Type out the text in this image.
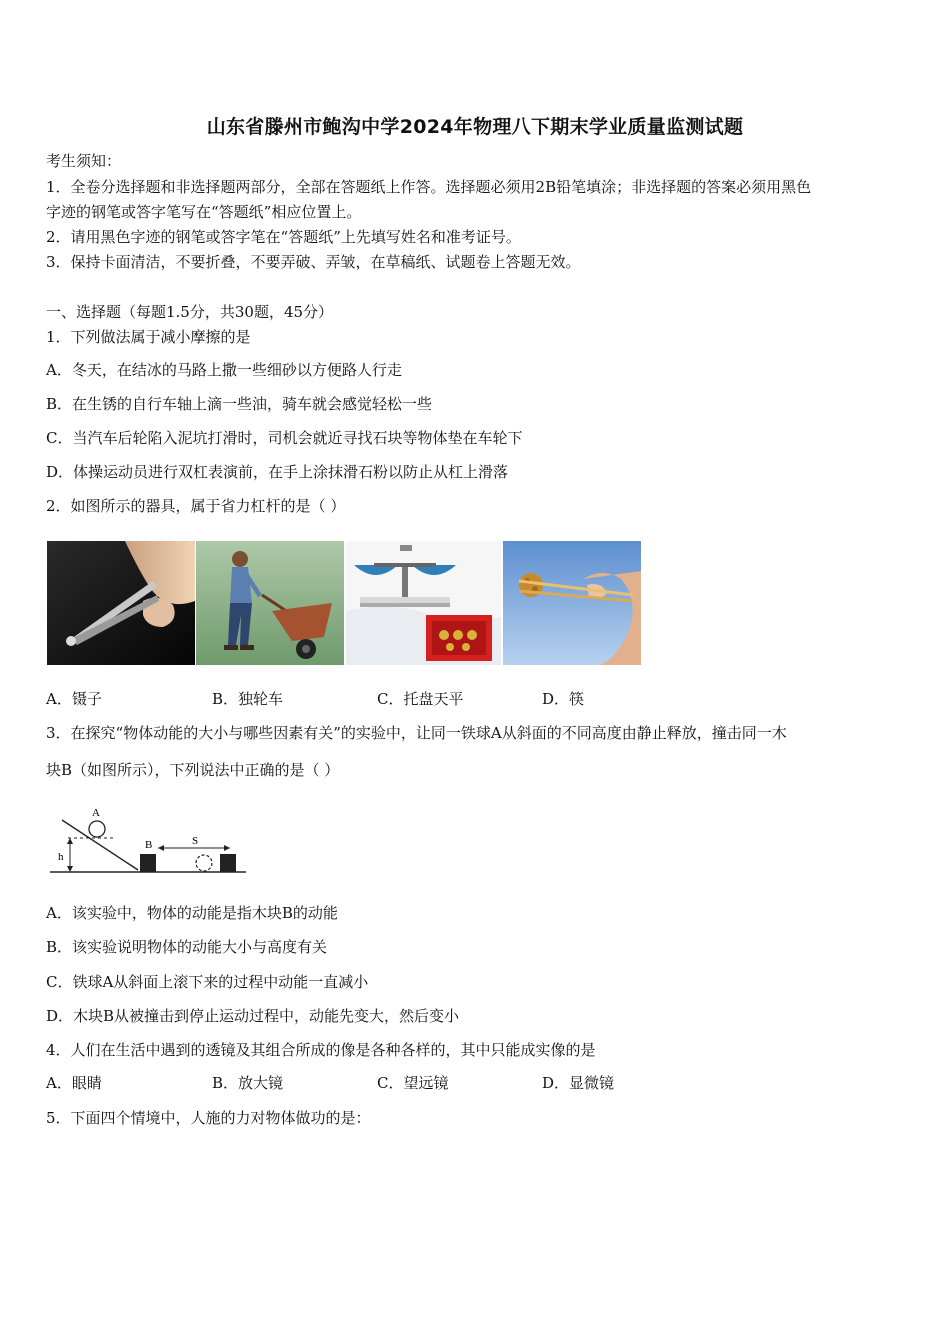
山东省滕州市鲍沟中学2024年物理八下期末学业质量监测试题
考生须知：
1．全卷分选择题和非选择题两部分，全部在答题纸上作答。选择题必须用2B铅笔填涂；非选择题的答案必须用黑色
字迹的钢笔或答字笔写在“答题纸”相应位置上。
2．请用黑色字迹的钢笔或答字笔在“答题纸”上先填写姓名和准考证号。
3．保持卡面清洁，不要折叠，不要弄破、弄皱，在草稿纸、试题卷上答题无效。
一、选择题（每题1.5分，共30题，45分）
1．下列做法属于减小摩擦的是
A．冬天，在结冰的马路上撒一些细砂以方便路人行走
B．在生锈的自行车轴上滴一些油，骑车就会感觉轻松一些
C．当汽车后轮陷入泥坑打滑时，司机会就近寻找石块等物体垫在车轮下
D．体操运动员进行双杠表演前，在手上涂抹滑石粉以防止从杠上滑落
2．如图所示的器具，属于省力杠杆的是（ ）
A．镊子	B．独轮车	C．托盘天平	D．筷
3．在探究“物体动能的大小与哪些因素有关”的实验中，让同一铁球A从斜面的不同高度由静止释放，撞击同一木
块B（如图所示），下列说法中正确的是（ ）
h
A
B	S
A．该实验中，物体的动能是指木块B的动能
B．该实验说明物体的动能大小与高度有关
C．铁球A从斜面上滚下来的过程中动能一直减小
D．木块B从被撞击到停止运动过程中，动能先变大，然后变小
4．人们在生活中遇到的透镜及其组合所成的像是各种各样的，其中只能成实像的是
A．眼睛	B．放大镜	C．望远镜	D．显微镜
5．下面四个情境中，人施的力对物体做功的是：
